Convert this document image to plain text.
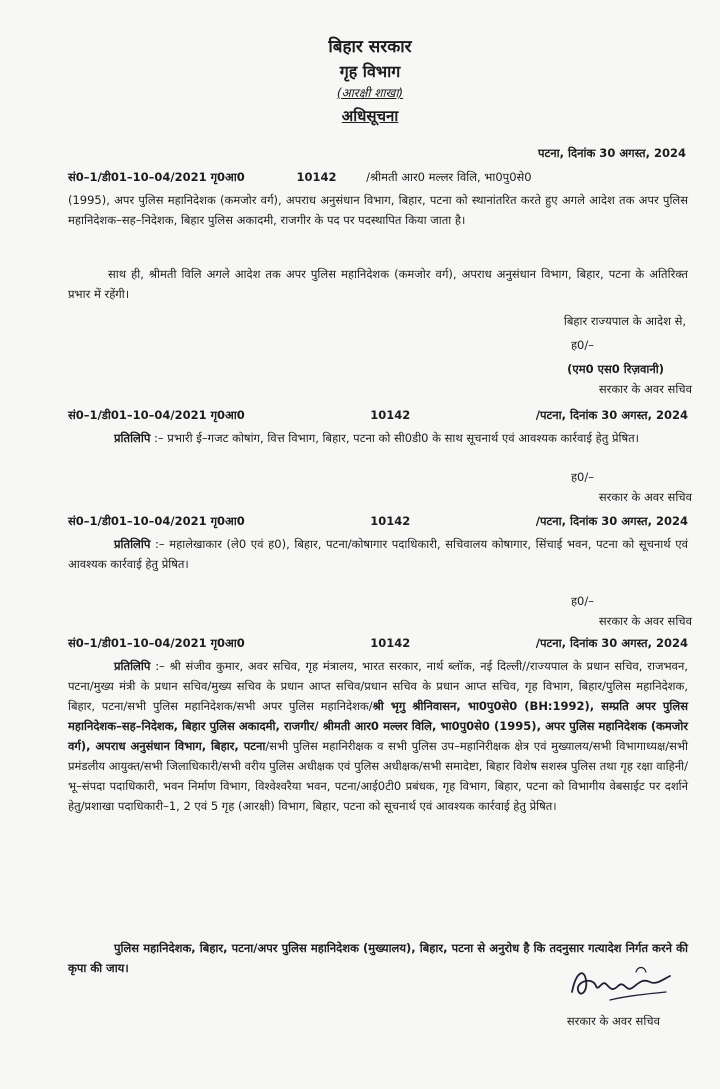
बिहार सरकार
गृह विभाग
(आरक्षी शाखा)
अधिसूचना
पटना, दिनांक 30 अगस्त, 2024
सं0–1/डी01–10–04/2021 गृ0आ0	10142	/श्रीमती आर0 मल्लर विलि, भा0पु0से0
(1995), अपर पुलिस महानिदेशक (कमजोर वर्ग), अपराध अनुसंधान विभाग, बिहार, पटना को स्थानांतरित करते हुए अगले आदेश तक अपर पुलिस महानिदेशक–सह–निदेशक, बिहार पुलिस अकादमी, राजगीर के पद पर पदस्थापित किया जाता है।
साथ ही, श्रीमती विलि अगले आदेश तक अपर पुलिस महानिदेशक (कमजोर वर्ग), अपराध अनुसंधान विभाग, बिहार, पटना के अतिरिक्त प्रभार में रहेंगी।
बिहार राज्यपाल के आदेश से,
ह0/–
(एम0 एस0 रिज़वानी)
सरकार के अवर सचिव
सं0–1/डी01–10–04/2021 गृ0आ0	10142	/पटना, दिनांक 30 अगस्त, 2024
प्रतिलिपि :– प्रभारी ई–गजट कोषांग, वित्त विभाग, बिहार, पटना को सी0डी0 के साथ सूचनार्थ एवं आवश्यक कार्रवाई हेतु प्रेषित।
ह0/–
सरकार के अवर सचिव
सं0–1/डी01–10–04/2021 गृ0आ0	10142	/पटना, दिनांक 30 अगस्त, 2024
प्रतिलिपि :– महालेखाकार (ले0 एवं ह0), बिहार, पटना/कोषागार पदाधिकारी, सचिवालय कोषागार, सिंचाई भवन, पटना को सूचनार्थ एवं आवश्यक कार्रवाई हेतु प्रेषित।
ह0/–
सरकार के अवर सचिव
सं0–1/डी01–10–04/2021 गृ0आ0	10142	/पटना, दिनांक 30 अगस्त, 2024
प्रतिलिपि :– श्री संजीव कुमार, अवर सचिव, गृह मंत्रालय, भारत सरकार, नार्थ ब्लॉक, नई दिल्ली//राज्यपाल के प्रधान सचिव, राजभवन, पटना/मुख्य मंत्री के प्रधान सचिव/मुख्य सचिव के प्रधान आप्त सचिव/प्रधान सचिव के प्रधान आप्त सचिव, गृह विभाग, बिहार/पुलिस महानिदेशक, बिहार, पटना/सभी पुलिस महानिदेशक/सभी अपर पुलिस महानिदेशक/श्री भृगु श्रीनिवासन, भा0पु0से0 (BH:1992), सम्प्रति अपर पुलिस महानिदेशक–सह–निदेशक, बिहार पुलिस अकादमी, राजगीर/ श्रीमती आर0 मल्लर विलि, भा0पु0से0 (1995), अपर पुलिस महानिदेशक (कमजोर वर्ग), अपराध अनुसंधान विभाग, बिहार, पटना/सभी पुलिस महानिरीक्षक व सभी पुलिस उप–महानिरीक्षक क्षेत्र एवं मुख्यालय/सभी विभागाध्यक्ष/सभी प्रमंडलीय आयुक्त/सभी जिलाधिकारी/सभी वरीय पुलिस अधीक्षक एवं पुलिस अधीक्षक/सभी समादेष्टा, बिहार विशेष सशस्त्र पुलिस तथा गृह रक्षा वाहिनी/ भू–संपदा पदाधिकारी, भवन निर्माण विभाग, विश्वेश्वरैया भवन, पटना/आई0टी0 प्रबंधक, गृह विभाग, बिहार, पटना को विभागीय वेबसाईट पर दर्शाने हेतु/प्रशाखा पदाधिकारी–1, 2 एवं 5 गृह (आरक्षी) विभाग, बिहार, पटना को सूचनार्थ एवं आवश्यक कार्रवाई हेतु प्रेषित।
पुलिस महानिदेशक, बिहार, पटना/अपर पुलिस महानिदेशक (मुख्यालय), बिहार, पटना से अनुरोध है कि तदनुसार गत्यादेश निर्गत करने की कृपा की जाय।
सरकार के अवर सचिव
